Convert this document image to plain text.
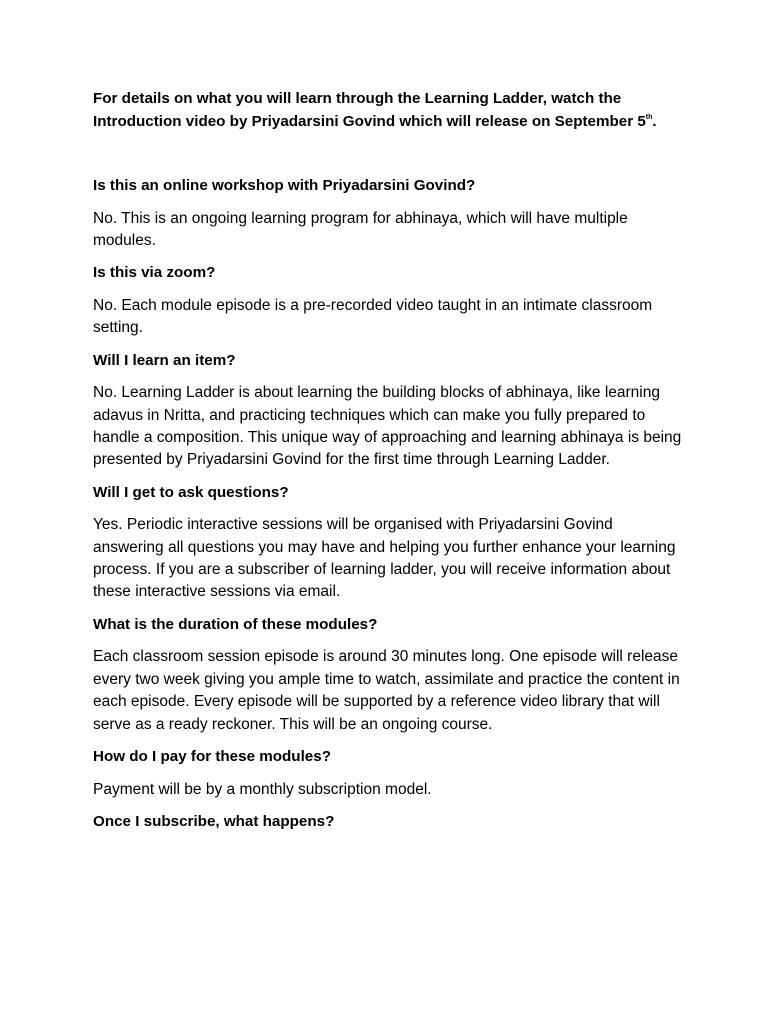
For details on what you will learn through the Learning Ladder, watch the Introduction video by Priyadarsini Govind which will release on September 5th.

Is this an online workshop with Priyadarsini Govind?

No. This is an ongoing learning program for abhinaya, which will have multiple modules.

Is this via zoom?

No. Each module episode is a pre-recorded video taught in an intimate classroom setting.

Will I learn an item?

No. Learning Ladder is about learning the building blocks of abhinaya, like learning adavus in Nritta, and practicing techniques which can make you fully prepared to handle a composition. This unique way of approaching and learning abhinaya is being presented by Priyadarsini Govind for the first time through Learning Ladder.

Will I get to ask questions?

Yes. Periodic interactive sessions will be organised with Priyadarsini Govind answering all questions you may have and helping you further enhance your learning process. If you are a subscriber of learning ladder, you will receive information about these interactive sessions via email.

What is the duration of these modules?

Each classroom session episode is around 30 minutes long. One episode will release every two week giving you ample time to watch, assimilate and practice the content in each episode. Every episode will be supported by a reference video library that will serve as a ready reckoner. This will be an ongoing course.

How do I pay for these modules?

Payment will be by a monthly subscription model.

Once I subscribe, what happens?
